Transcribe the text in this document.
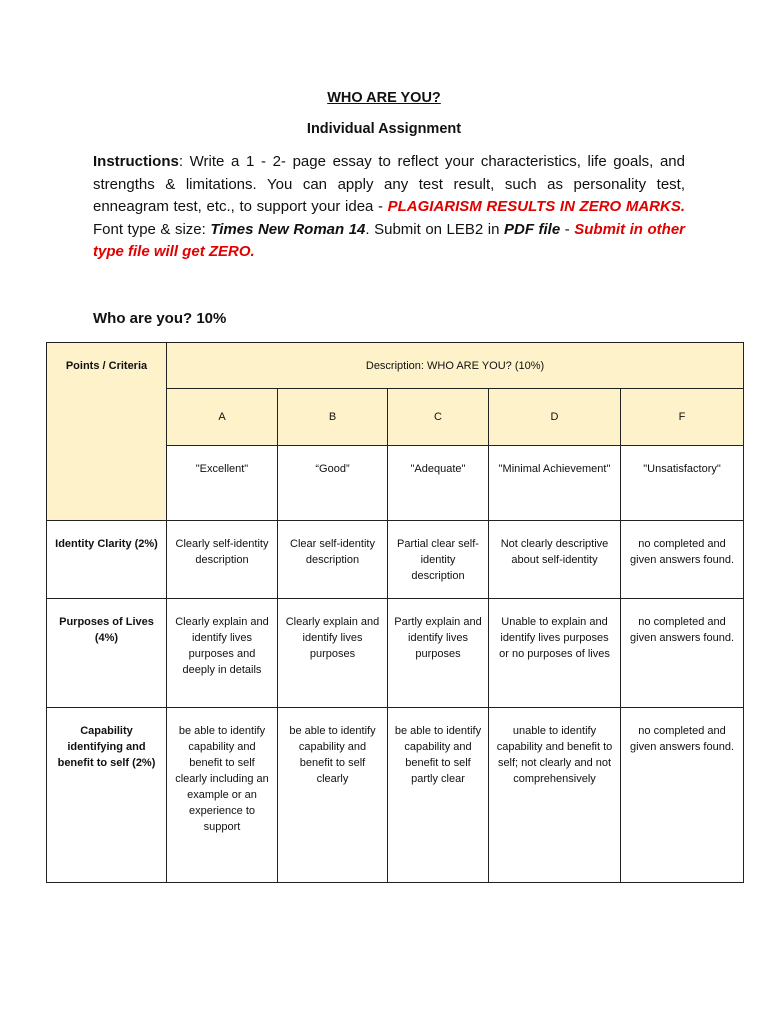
WHO ARE YOU?
Individual Assignment
Instructions: Write a 1 - 2- page essay to reflect your characteristics, life goals, and strengths & limitations. You can apply any test result, such as personality test, enneagram test, etc., to support your idea - PLAGIARISM RESULTS IN ZERO MARKS. Font type & size: Times New Roman 14. Submit on LEB2 in PDF file - Submit in other type file will get ZERO.
Who are you? 10%
Points / Criteria	Description: WHO ARE YOU? (10%)				
	A	B	C	D	F
	"Excellent"	“Good”	"Adequate"	"Minimal Achievement"	"Unsatisfactory"
Identity Clarity (2%)	Clearly self-identity description	Clear self-identity description	Partial clear self-identity description	Not clearly descriptive about self-identity	no completed and given answers found.
Purposes of Lives (4%)	Clearly explain and identify lives purposes and deeply in details	Clearly explain and identify lives purposes	Partly explain and identify lives purposes	Unable to explain and identify lives purposes or no purposes of lives	no completed and given answers found.
Capability identifying and benefit to self (2%)	be able to identify capability and benefit to self clearly including an example or an experience to support	be able to identify capability and benefit to self clearly	be able to identify capability and benefit to self partly clear	unable to identify capability and benefit to self; not clearly and not comprehensively	no completed and given answers found.
